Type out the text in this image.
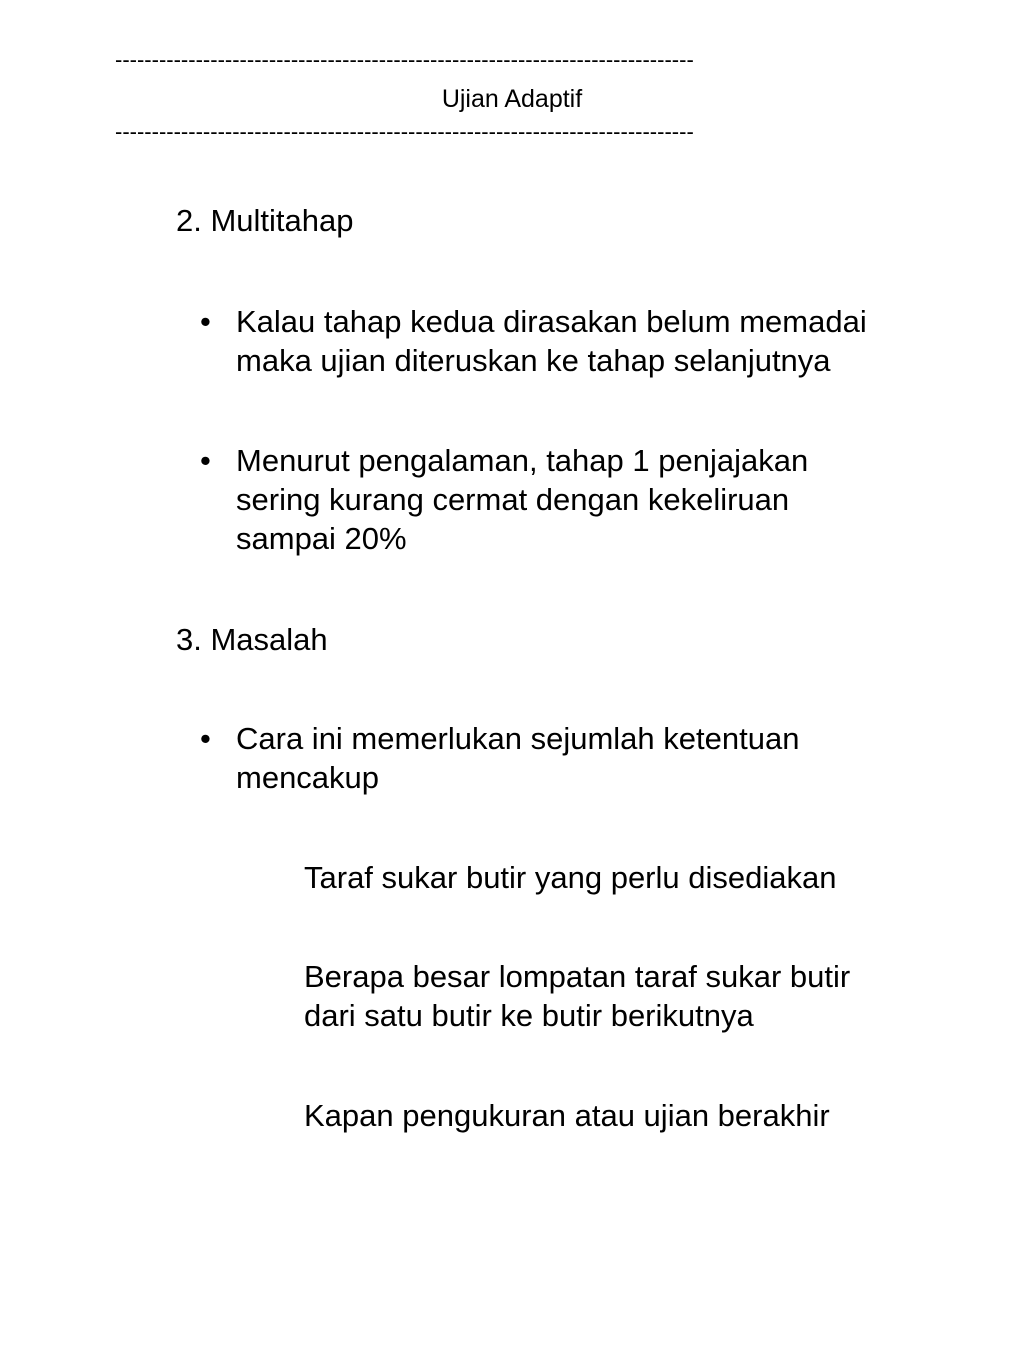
-------------------------------------------------------------------------------
Ujian Adaptif
-------------------------------------------------------------------------------
2. Multitahap
• Kalau tahap kedua dirasakan belum memadai
maka ujian diteruskan ke tahap selanjutnya
• Menurut pengalaman, tahap 1 penjajakan
sering kurang cermat dengan kekeliruan
sampai 20%
3. Masalah
• Cara ini memerlukan sejumlah ketentuan
mencakup
Taraf sukar butir yang perlu disediakan
Berapa besar lompatan taraf sukar butir
dari satu butir ke butir berikutnya
Kapan pengukuran atau ujian berakhir
